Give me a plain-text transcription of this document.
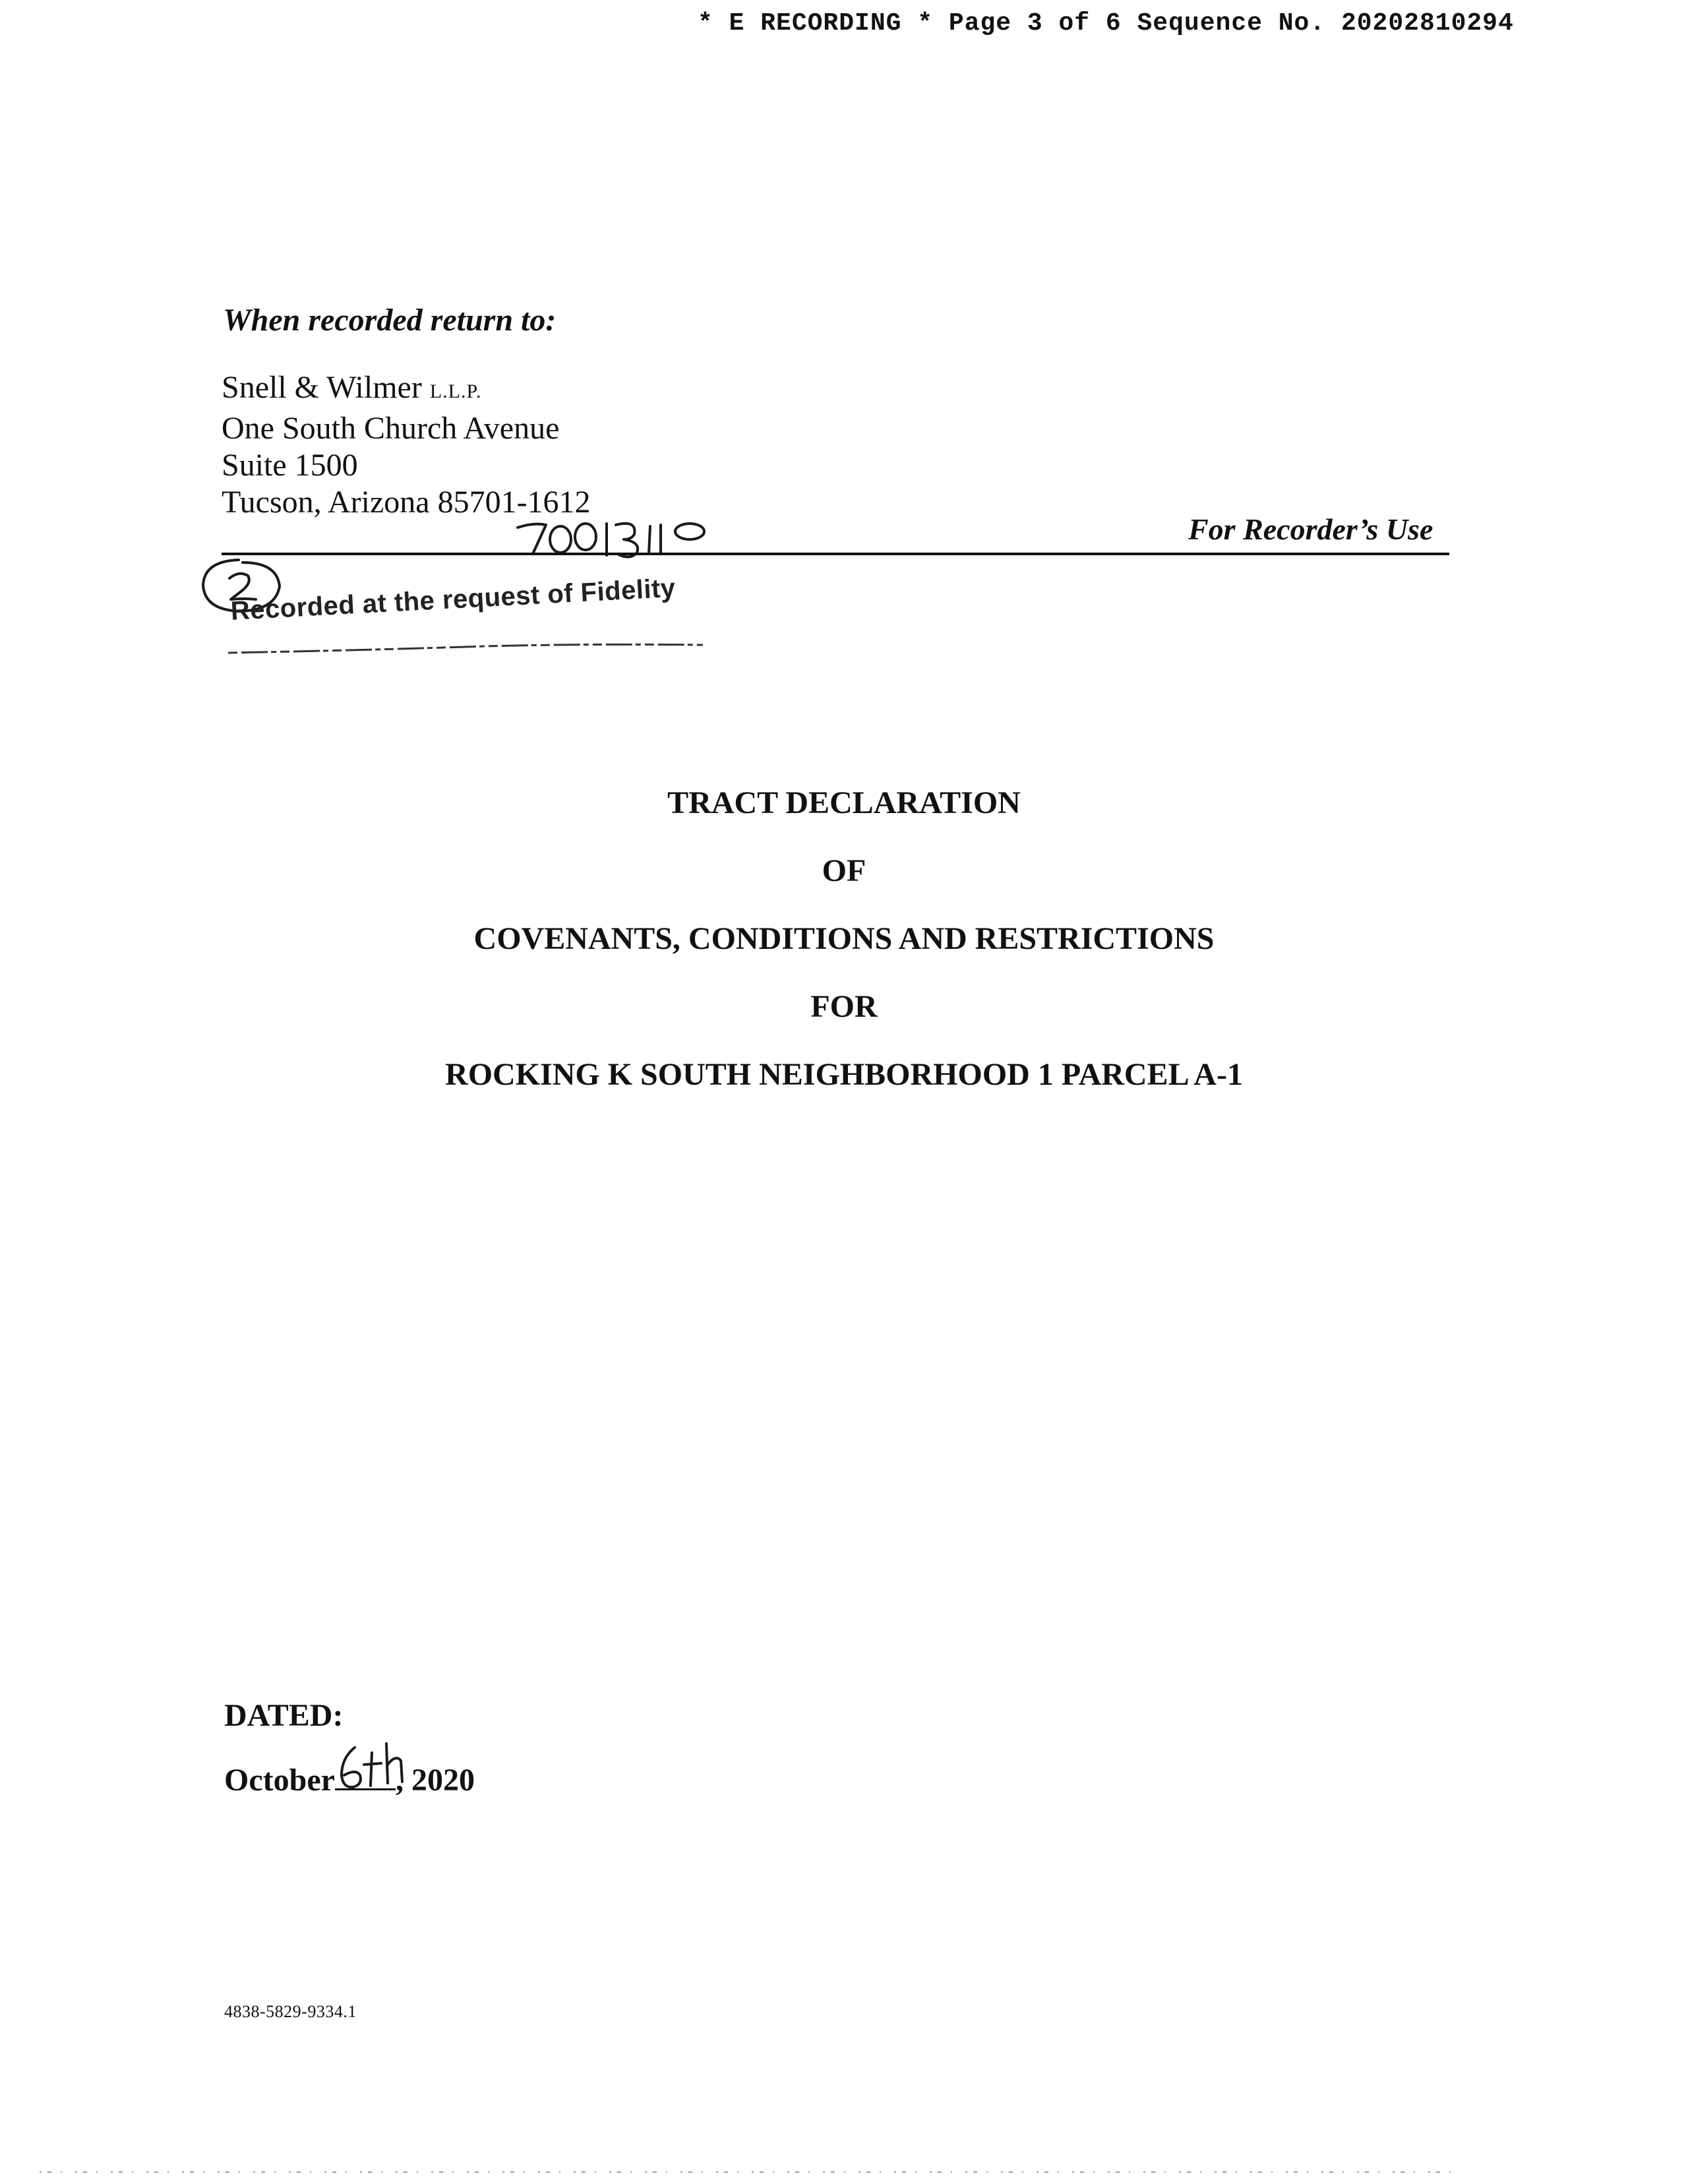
* E RECORDING * Page 3 of 6 Sequence No. 20202810294
When recorded return to:
Snell & Wilmer L.L.P.
One South Church Avenue
Suite 1500
Tucson, Arizona 85701-1612
For Recorder’s Use
Recorded at the request of Fidelity
TRACT DECLARATION
OF
COVENANTS, CONDITIONS AND RESTRICTIONS
FOR
ROCKING K SOUTH NEIGHBORHOOD 1 PARCEL A-1
DATED:
October , 2020
4838-5829-9334.1
